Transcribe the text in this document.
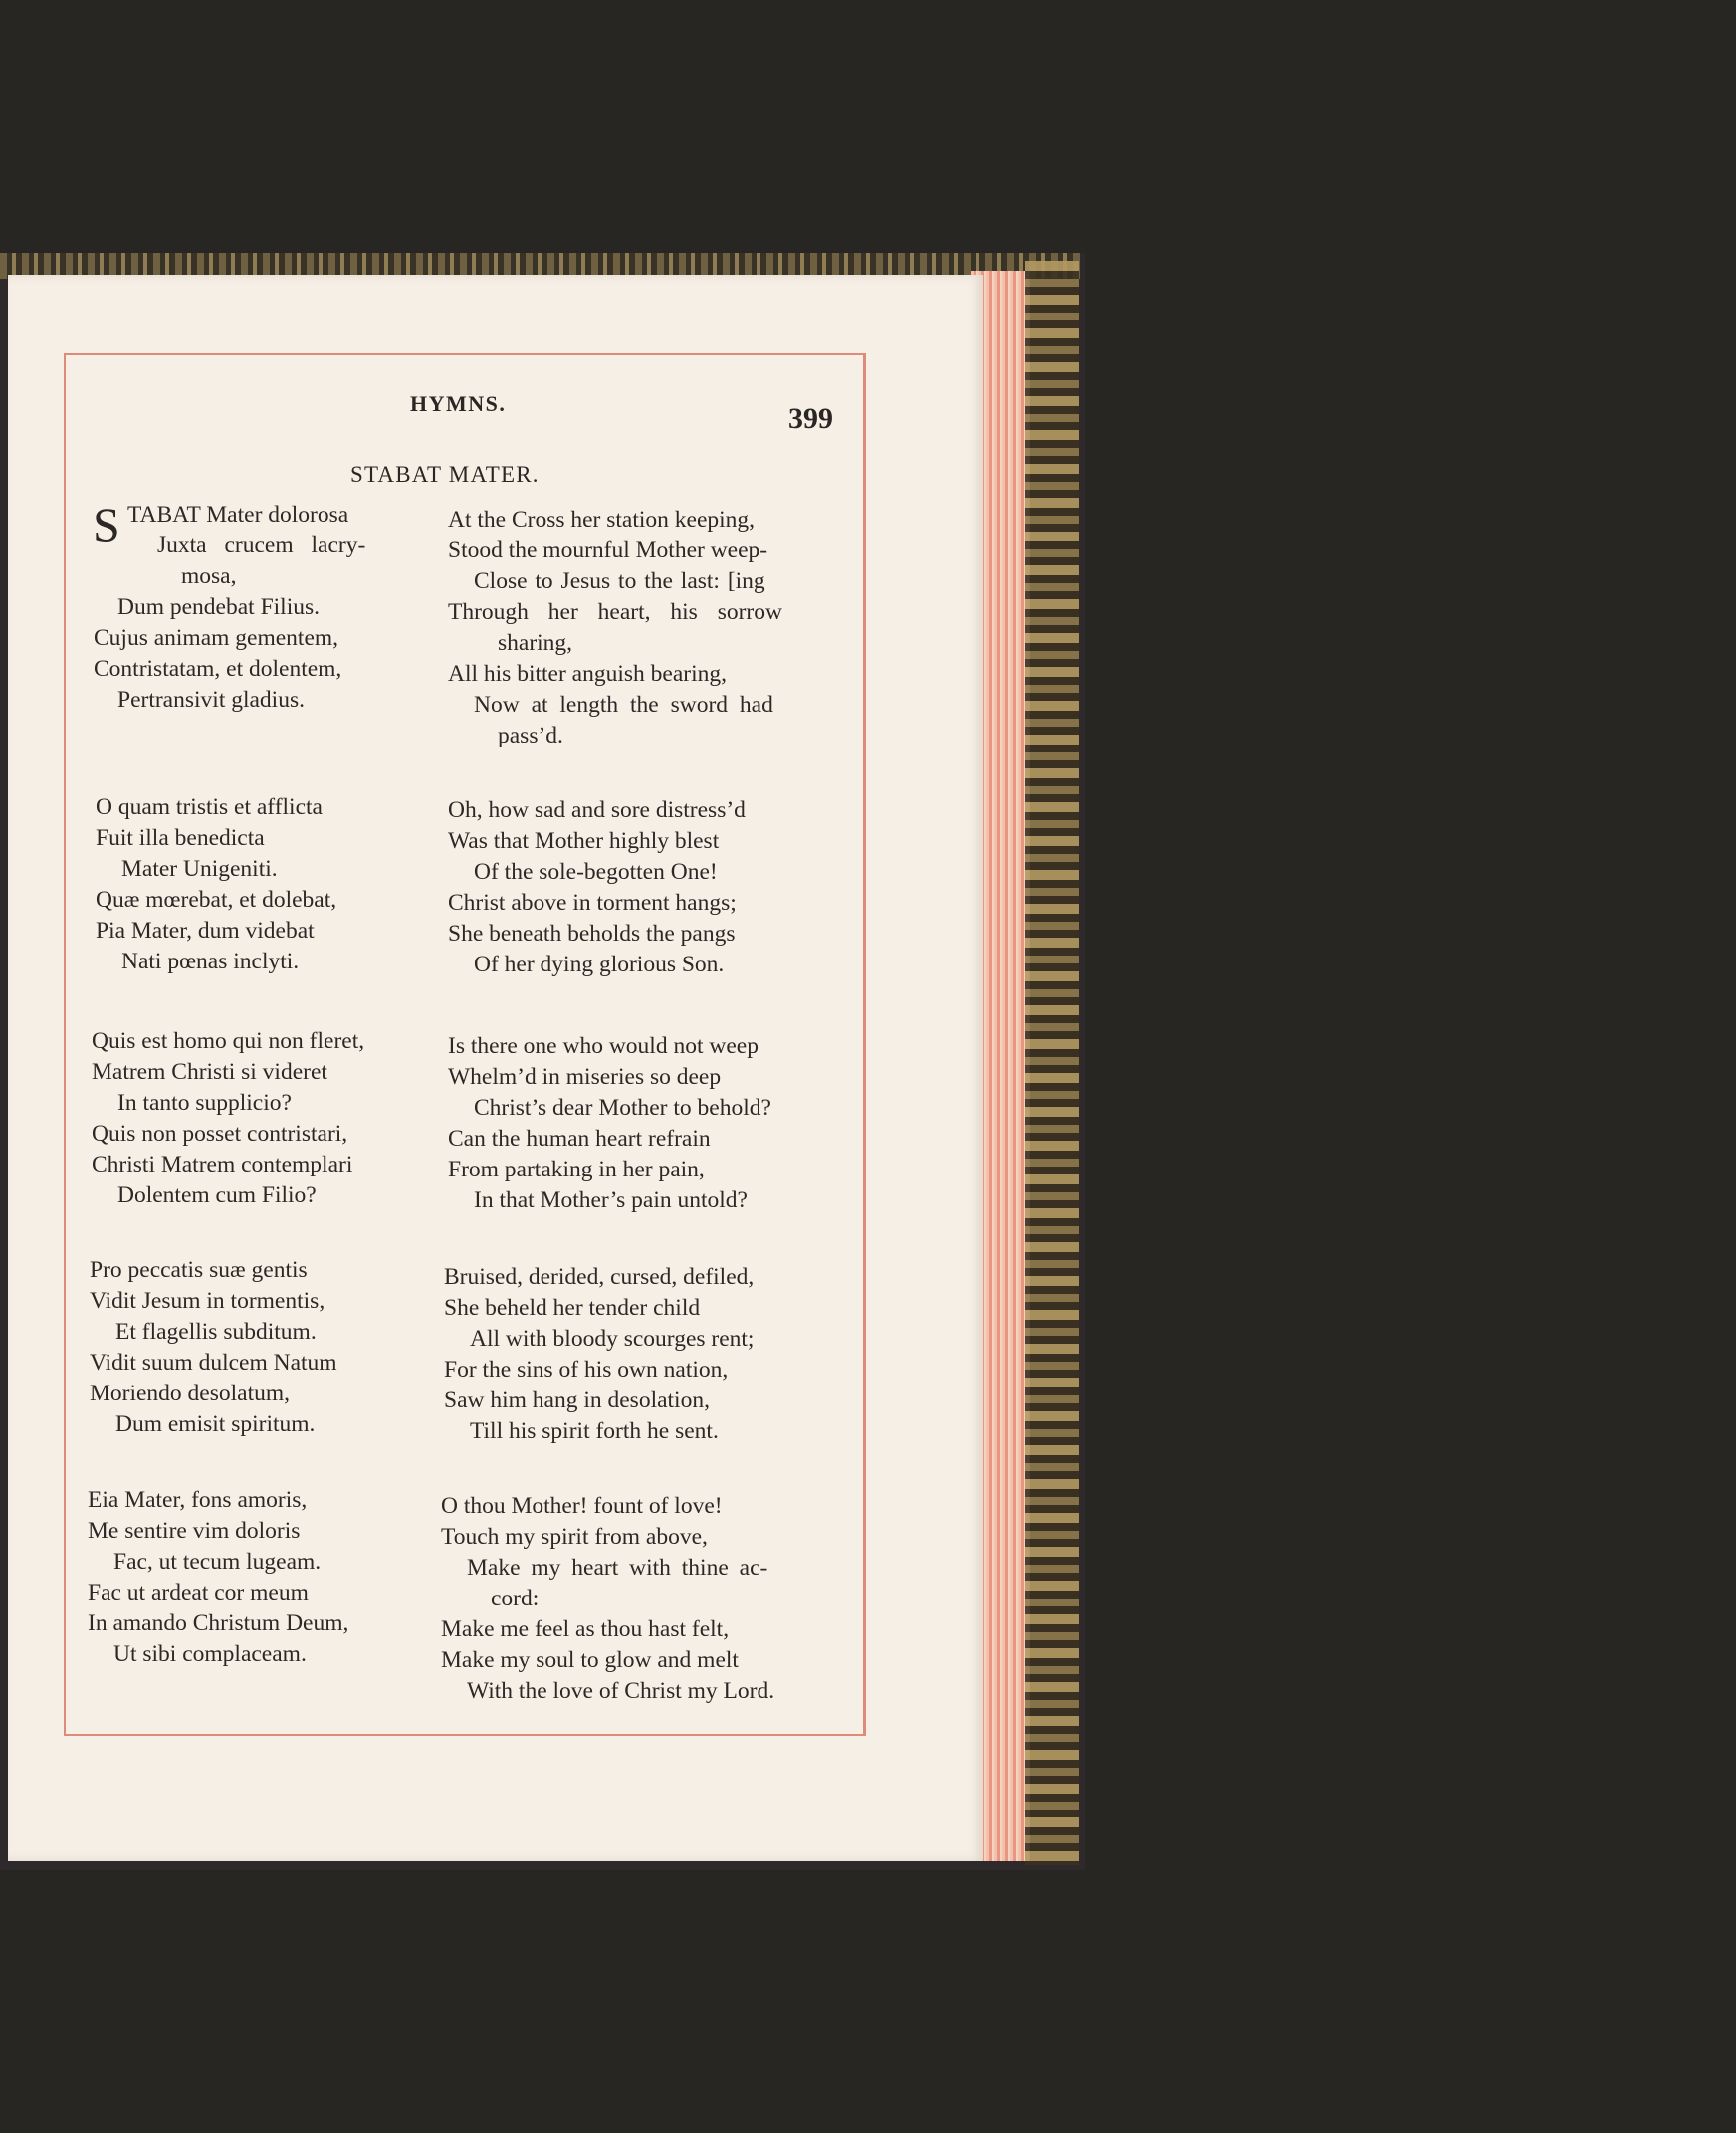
HYMNS.	399
STABAT MATER.
S TABAT Mater dolorosa
Juxta crucem lacry-
mosa,
Dum pendebat Filius.
Cujus animam gementem,
Contristatam, et dolentem,
Pertransivit gladius.
At the Cross her station keeping,
Stood the mournful Mother weep-
Close to Jesus to the last: [ing
Through her heart, his sorrow
sharing,
All his bitter anguish bearing,
Now at length the sword had
pass’d.
O quam tristis et afflicta
Fuit illa benedicta
Mater Unigeniti.
Quæ mœrebat, et dolebat,
Pia Mater, dum videbat
Nati pœnas inclyti.
Oh, how sad and sore distress’d
Was that Mother highly blest
Of the sole-begotten One!
Christ above in torment hangs;
She beneath beholds the pangs
Of her dying glorious Son.
Quis est homo qui non fleret,
Matrem Christi si videret
In tanto supplicio?
Quis non posset contristari,
Christi Matrem contemplari
Dolentem cum Filio?
Is there one who would not weep
Whelm’d in miseries so deep
Christ’s dear Mother to behold?
Can the human heart refrain
From partaking in her pain,
In that Mother’s pain untold?
Pro peccatis suæ gentis
Vidit Jesum in tormentis,
Et flagellis subditum.
Vidit suum dulcem Natum
Moriendo desolatum,
Dum emisit spiritum.
Bruised, derided, cursed, defiled,
She beheld her tender child
All with bloody scourges rent;
For the sins of his own nation,
Saw him hang in desolation,
Till his spirit forth he sent.
Eia Mater, fons amoris,
Me sentire vim doloris
Fac, ut tecum lugeam.
Fac ut ardeat cor meum
In amando Christum Deum,
Ut sibi complaceam.
O thou Mother! fount of love!
Touch my spirit from above,
Make my heart with thine ac-
cord:
Make me feel as thou hast felt,
Make my soul to glow and melt
With the love of Christ my Lord.
